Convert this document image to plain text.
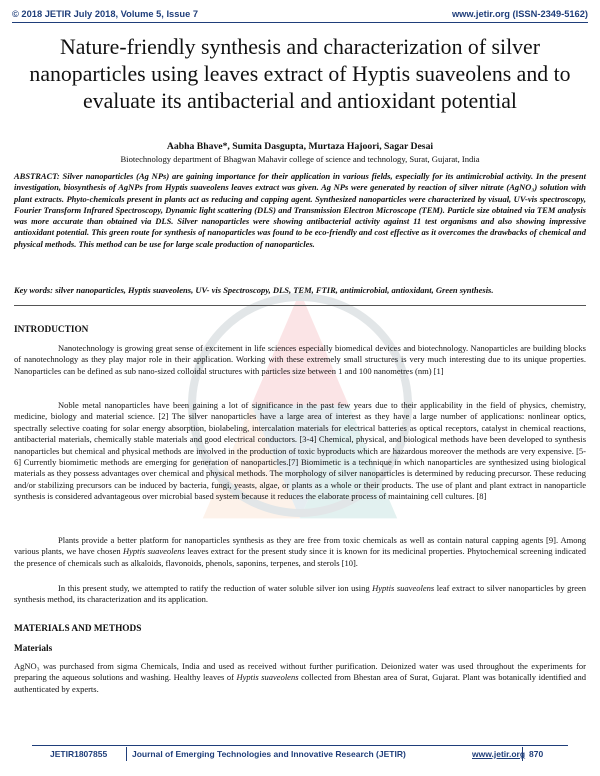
© 2018 JETIR July 2018, Volume 5, Issue 7	www.jetir.org (ISSN-2349-5162)
Nature-friendly synthesis and characterization of silver nanoparticles using leaves extract of Hyptis suaveolens and to evaluate its antibacterial and antioxidant potential
Aabha Bhave*, Sumita Dasgupta, Murtaza Hajoori, Sagar Desai
Biotechnology department of Bhagwan Mahavir college of science and technology, Surat, Gujarat, India

ABSTRACT: Silver nanoparticles (Ag NPs) are gaining importance for their application in various fields, especially for its antimicrobial activity. In the present investigation, biosynthesis of AgNPs from Hyptis suaveolens leaves extract was given. Ag NPs were generated by reaction of silver nitrate (AgNO₃) solution with plant extracts. Phyto-chemicals present in plants act as reducing and capping agent. Synthesized nanoparticles were characterized by visual, UV-vis spectroscopy, Fourier Transform Infrared Spectroscopy, Dynamic light scattering (DLS) and Transmission Electron Microscope (TEM). Particle size obtained via TEM analysis was more accurate than obtained via DLS. Silver nanoparticles were showing antibacterial activity against 11 test organisms and also showing impressive antioxidant potential. This green route for synthesis of nanoparticles was found to be eco-friendly and cost effective as it overcomes the drawbacks of chemical and physical methods. This method can be use for large scale production of nanoparticles.

Key words: silver nanoparticles, Hyptis suaveolens, UV- vis Spectroscopy, DLS, TEM, FTIR, antimicrobial, antioxidant, Green synthesis.

INTRODUCTION

Nanotechnology is growing great sense of excitement in life sciences especially biomedical devices and biotechnology. Nanoparticles are building blocks of nanotechnology as they play major role in their application. Working with these extremely small structures is very much interesting due to its unique properties. Nanoparticles can be defined as sub nano-sized colloidal structures with particles size between 1 and 100 nanometres (nm) [1]

Noble metal nanoparticles have been gaining a lot of significance in the past few years due to their applicability in the field of physics, chemistry, medicine, biology and material science. [2] The silver nanoparticles have a large area of interest as they have a large number of applications: nonlinear optics, spectrally selective coating for solar energy absorption, biolabeling, intercalation materials for electrical batteries as optical receptors, catalyst in chemical reactions, antibacterial materials, chemically stable materials and good electrical conductors. [3-4] Chemical, physical, and biological methods have been developed to synthesis nanoparticles but chemical and physical methods are involved in the production of toxic byproducts which are hazardous moreover the methods are very expensive. [5-6] Currently biomimetic methods are emerging for generation of nanoparticles.[7] Biomimetic is a technique in which nanoparticles are synthesized using biological materials as they possess advantages over chemical and physical methods. The morphology of silver nanoparticles is determined by reducing precursor. These reducing and/or stabilizing precursors can be induced by bacteria, fungi, yeasts, algae, or plants as a whole or their products. The use of plant and plant extract in nanoparticle synthesis is considered advantageous over microbial based system because it reduces the elaborate process of maintaining cell cultures. [8]

Plants provide a better platform for nanoparticles synthesis as they are free from toxic chemicals as well as contain natural capping agents [9]. Among various plants, we have chosen Hyptis suaveolens leaves extract for the present study since it is known for its medicinal properties. Phytochemical screening indicated the presence of chemicals such as alkaloids, flavonoids, phenols, saponins, terpenes, and sterols [10].

In this present study, we attempted to ratify the reduction of water soluble silver ion using Hyptis suaveolens leaf extract to silver nanoparticles by green synthesis method, its characterization and its application.

MATERIALS AND METHODS
Materials

AgNO₃ was purchased from sigma Chemicals, India and used as received without further purification. Deionized water was used throughout the experiments for preparing the aqueous solutions and washing. Healthy leaves of Hyptis suaveolens collected from Bhestan area of Surat, Gujarat. Plant was botanically identified and authenticated by experts.

JETIR1807855	Journal of Emerging Technologies and Innovative Research (JETIR)	www.jetir.org 870
